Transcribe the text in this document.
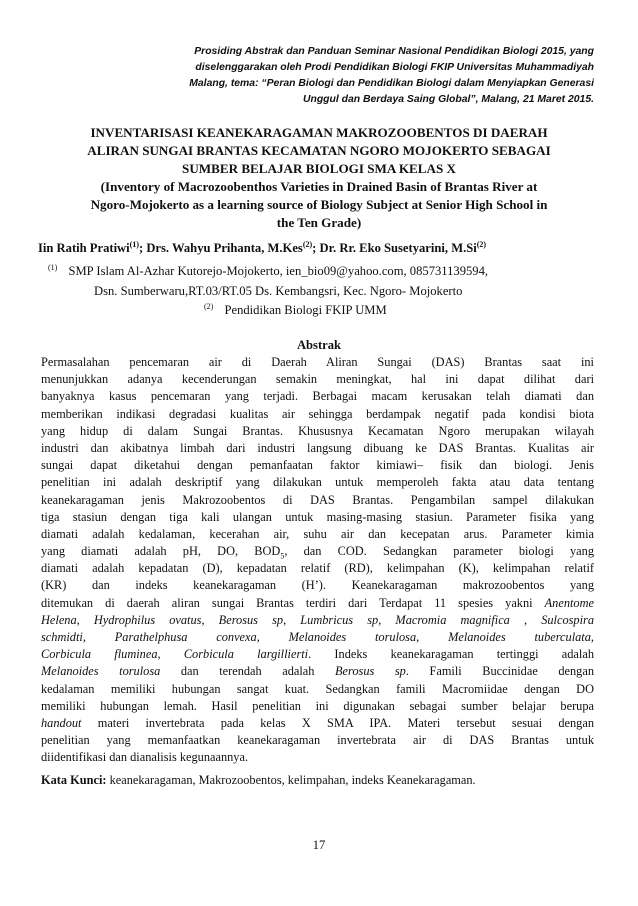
Prosiding Abstrak dan Panduan Seminar Nasional Pendidikan Biologi 2015, yang
diselenggarakan oleh Prodi Pendidikan Biologi FKIP Universitas Muhammadiyah
Malang, tema: “Peran Biologi dan Pendidikan Biologi dalam Menyiapkan Generasi
Unggul dan Berdaya Saing Global”, Malang, 21 Maret 2015.
INVENTARISASI KEANEKARAGAMAN MAKROZOOBENTOS DI DAERAH
ALIRAN SUNGAI BRANTAS KECAMATAN NGORO MOJOKERTO SEBAGAI
SUMBER BELAJAR BIOLOGI SMA KELAS X
(Inventory of Macrozoobenthos Varieties in Drained Basin of Brantas River at
Ngoro-Mojokerto as a learning source of Biology Subject at Senior High School in
the Ten Grade)
Iin Ratih Pratiwi$^{(1)}$; Drs. Wahyu Prihanta, M.Kes$^{(2)}$; Dr. Rr. Eko Susetyarini, M.Si$^{(2)}$
$^{(1)}$ SMP Islam Al-Azhar Kutorejo-Mojokerto, ien_bio09@yahoo.com, 085731139594,
Dsn. Sumberwaru,RT.03/RT.05 Ds. Kembangsri, Kec. Ngoro- Mojokerto
$^{(2)}$ Pendidikan Biologi FKIP UMM
Abstrak
Permasalahan pencemaran air di Daerah Aliran Sungai (DAS) Brantas saat ini
menunjukkan adanya kecenderungan semakin meningkat, hal ini dapat dilihat dari
banyaknya kasus pencemaran yang terjadi. Berbagai macam kerusakan telah diamati dan
memberikan indikasi degradasi kualitas air sehingga berdampak negatif pada kondisi biota
yang hidup di dalam Sungai Brantas. Khususnya Kecamatan Ngoro merupakan wilayah
industri dan akibatnya limbah dari industri langsung dibuang ke DAS Brantas. Kualitas air
sungai dapat diketahui dengan pemanfaatan faktor kimiawi– fisik dan biologi. Jenis
penelitian ini adalah deskriptif yang dilakukan untuk memperoleh fakta atau data tentang
keanekaragaman jenis Makrozoobentos di DAS Brantas. Pengambilan sampel dilakukan
tiga stasiun dengan tiga kali ulangan untuk masing-masing stasiun. Parameter fisika yang
diamati adalah kedalaman, kecerahan air, suhu air dan kecepatan arus. Parameter kimia
yang diamati adalah pH, DO, $BOD_5$, dan COD. Sedangkan parameter biologi yang
diamati adalah kepadatan (D), kepadatan relatif (RD), kelimpahan (K), kelimpahan relatif
(KR) dan indeks keanekaragaman (H’). Keanekaragaman makrozoobentos yang
ditemukan di daerah aliran sungai Brantas terdiri dari Terdapat 11 spesies yakni Anentome
Helena, Hydrophilus ovatus, Berosus sp, Lumbricus sp, Macromia magnifica , Sulcospira
schmidti, Parathelphusa convexa, Melanoides torulosa, Melanoides tuberculata,
Corbicula fluminea, Corbicula largillierti. Indeks keanekaragaman tertinggi adalah
Melanoides torulosa dan terendah adalah Berosus sp. Famili Buccinidae dengan
kedalaman memiliki hubungan sangat kuat. Sedangkan famili Macromiidae dengan DO
memiliki hubungan lemah. Hasil penelitian ini digunakan sebagai sumber belajar berupa
handout materi invertebrata pada kelas X SMA IPA. Materi tersebut sesuai dengan
penelitian yang memanfaatkan keanekaragaman invertebrata air di DAS Brantas untuk
diidentifikasi dan dianalisis kegunaannya.
Kata Kunci: keanekaragaman, Makrozoobentos, kelimpahan, indeks Keanekaragaman.
17
